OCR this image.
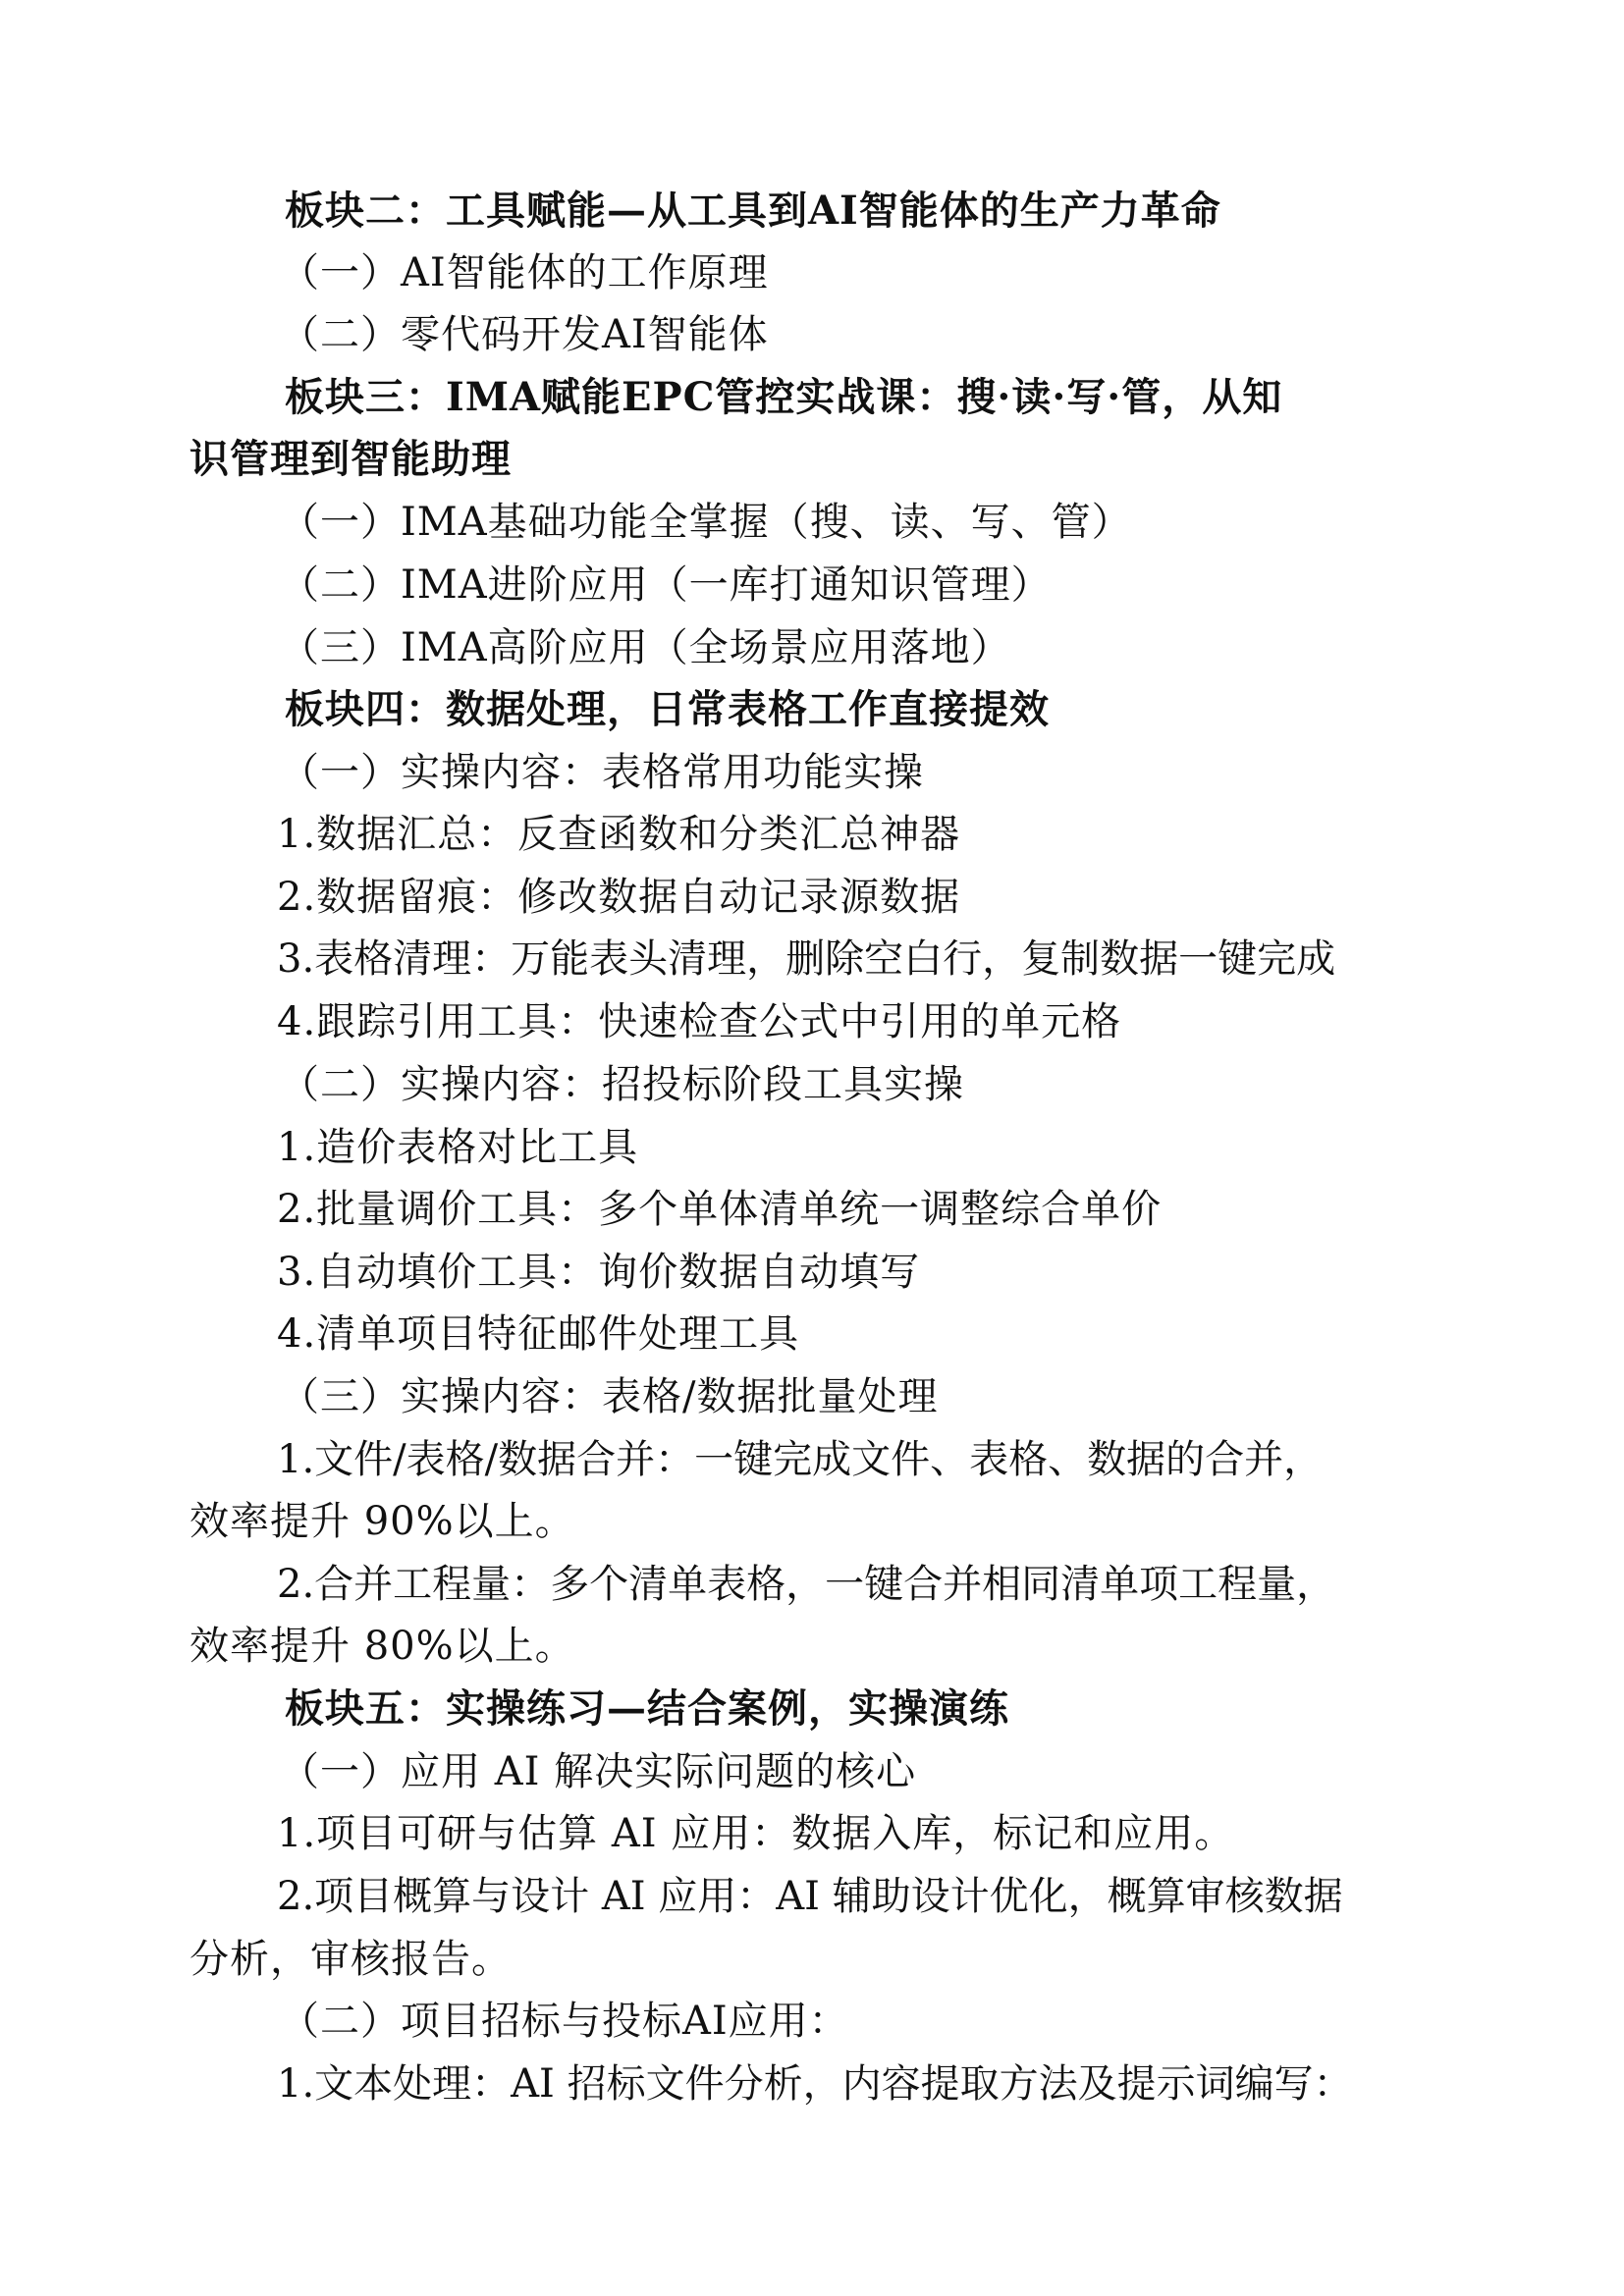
板块二：工具赋能—从工具到AI智能体的生产力革命
（一）AI智能体的工作原理
（二）零代码开发AI智能体
板块三：IMA赋能EPC管控实战课：搜·读·写·管，从知
识管理到智能助理
（一）IMA基础功能全掌握（搜、读、写、管）
（二）IMA进阶应用（一库打通知识管理）
（三）IMA高阶应用（全场景应用落地）
板块四：数据处理，日常表格工作直接提效
（一）实操内容：表格常用功能实操
1.数据汇总：反查函数和分类汇总神器
2.数据留痕：修改数据自动记录源数据
3.表格清理：万能表头清理，删除空白行，复制数据一键完成
4.跟踪引用工具：快速检查公式中引用的单元格
（二）实操内容：招投标阶段工具实操
1.造价表格对比工具
2.批量调价工具：多个单体清单统一调整综合单价
3.自动填价工具：询价数据自动填写
4.清单项目特征邮件处理工具
（三）实操内容：表格/数据批量处理
1.文件/表格/数据合并：一键完成文件、表格、数据的合并，
效率提升 90%以上。
2.合并工程量：多个清单表格，一键合并相同清单项工程量，
效率提升 80%以上。
板块五：实操练习—结合案例，实操演练
（一）应用 AI 解决实际问题的核心
1.项目可研与估算 AI 应用：数据入库，标记和应用。
2.项目概算与设计 AI 应用：AI 辅助设计优化，概算审核数据
分析，审核报告。
（二）项目招标与投标AI应用：
1.文本处理：AI 招标文件分析，内容提取方法及提示词编写：
